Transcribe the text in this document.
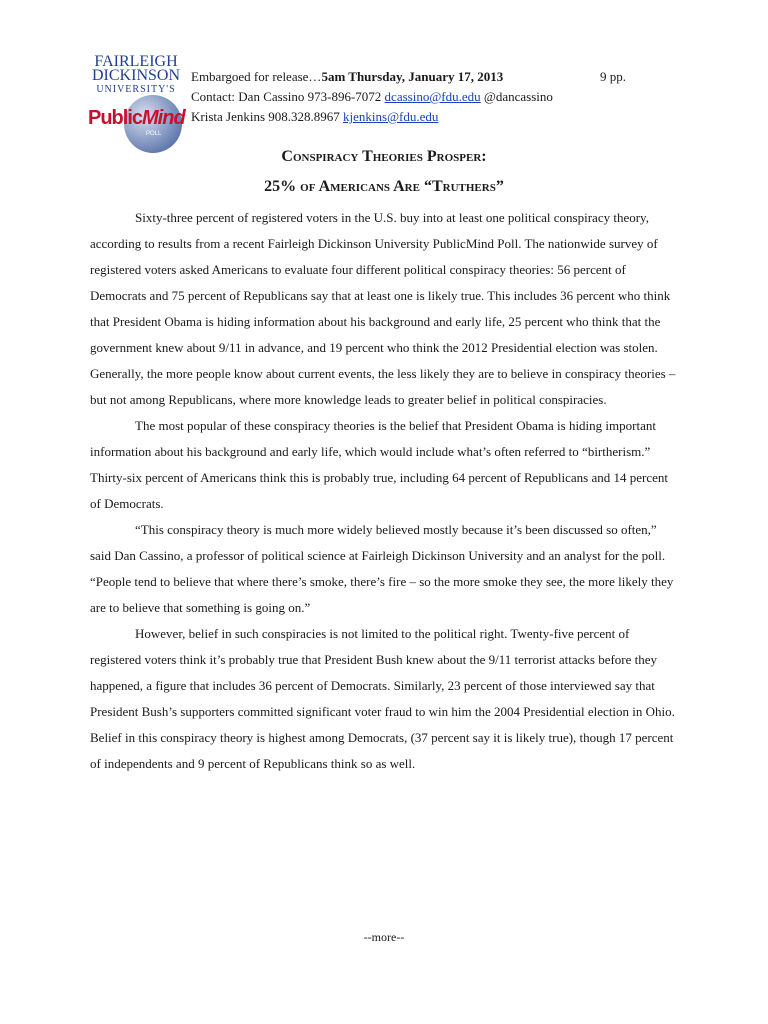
FAIRLEIGH
DICKINSON
UNIVERSITY'S
PublicMind
POLL
Embargoed for release…5am Thursday, January 17, 2013	9 pp.
Contact: Dan Cassino 973-896-7072 dcassino@fdu.edu @dancassino
Krista Jenkins 908.328.8967 kjenkins@fdu.edu
Conspiracy Theories Prosper:
25% of Americans Are “Truthers”

Sixty-three percent of registered voters in the U.S. buy into at least one political conspiracy theory, according to results from a recent Fairleigh Dickinson University PublicMind Poll. The nationwide survey of registered voters asked Americans to evaluate four different political conspiracy theories: 56 percent of Democrats and 75 percent of Republicans say that at least one is likely true. This includes 36 percent who think that President Obama is hiding information about his background and early life, 25 percent who think that the government knew about 9/11 in advance, and 19 percent who think the 2012 Presidential election was stolen. Generally, the more people know about current events, the less likely they are to believe in conspiracy theories – but not among Republicans, where more knowledge leads to greater belief in political conspiracies.

The most popular of these conspiracy theories is the belief that President Obama is hiding important information about his background and early life, which would include what’s often referred to “birtherism.” Thirty-six percent of Americans think this is probably true, including 64 percent of Republicans and 14 percent of Democrats.

“This conspiracy theory is much more widely believed mostly because it’s been discussed so often,” said Dan Cassino, a professor of political science at Fairleigh Dickinson University and an analyst for the poll. “People tend to believe that where there’s smoke, there’s fire – so the more smoke they see, the more likely they are to believe that something is going on.”

However, belief in such conspiracies is not limited to the political right. Twenty-five percent of registered voters think it’s probably true that President Bush knew about the 9/11 terrorist attacks before they happened, a figure that includes 36 percent of Democrats. Similarly, 23 percent of those interviewed say that President Bush’s supporters committed significant voter fraud to win him the 2004 Presidential election in Ohio. Belief in this conspiracy theory is highest among Democrats, (37 percent say it is likely true), though 17 percent of independents and 9 percent of Republicans think so as well.

--more--
